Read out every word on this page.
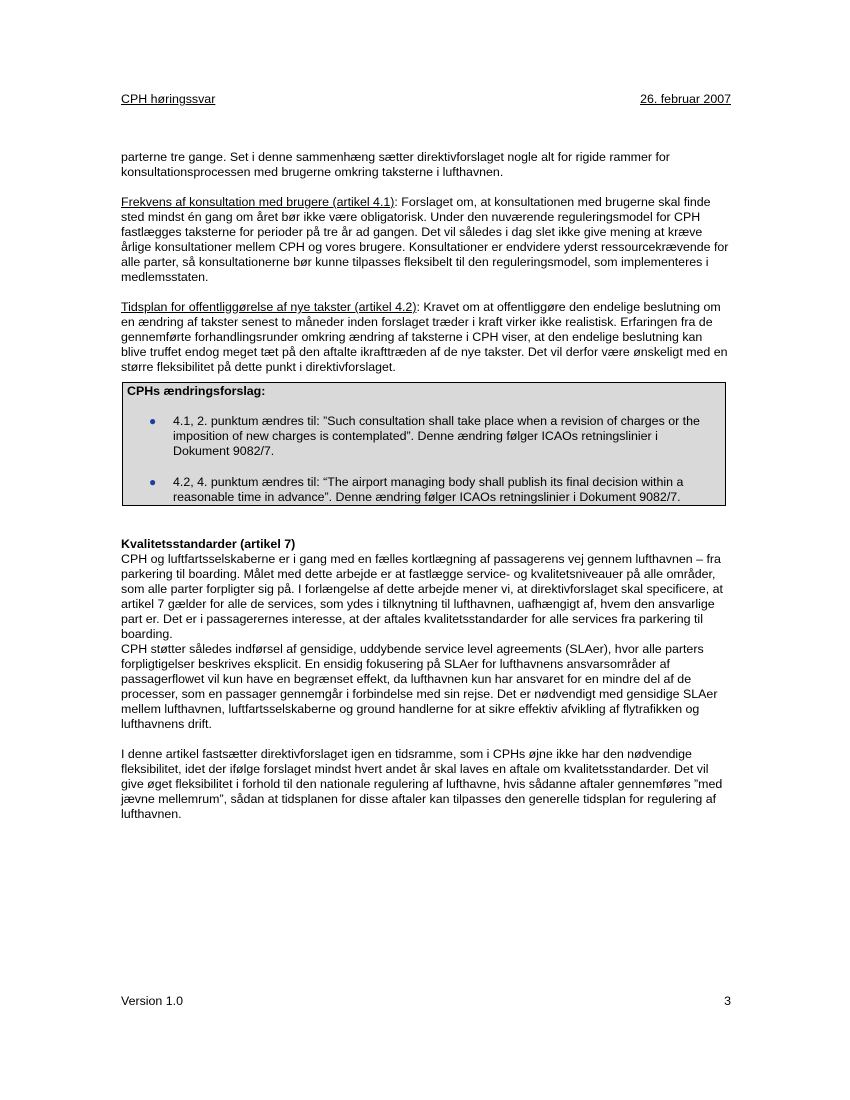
CPH høringssvar	26. februar 2007

parterne tre gange. Set i denne sammenhæng sætter direktivforslaget nogle alt for rigide rammer for konsultationsprocessen med brugerne omkring taksterne i lufthavnen.

Frekvens af konsultation med brugere (artikel 4.1): Forslaget om, at konsultationen med brugerne skal finde sted mindst én gang om året bør ikke være obligatorisk. Under den nuværende reguleringsmodel for CPH fastlægges taksterne for perioder på tre år ad gangen. Det vil således i dag slet ikke give mening at kræve årlige konsultationer mellem CPH og vores brugere. Konsultationer er endvidere yderst ressourcekrævende for alle parter, så konsultationerne bør kunne tilpasses fleksibelt til den reguleringsmodel, som implementeres i medlemsstaten.

Tidsplan for offentliggørelse af nye takster (artikel 4.2): Kravet om at offentliggøre den endelige beslutning om en ændring af takster senest to måneder inden forslaget træder i kraft virker ikke realistisk. Erfaringen fra de gennemførte forhandlingsrunder omkring ændring af taksterne i CPH viser, at den endelige beslutning kan blive truffet endog meget tæt på den aftalte ikrafttræden af de nye takster. Det vil derfor være ønskeligt med en større fleksibilitet på dette punkt i direktivforslaget.

CPHs ændringsforslag:
● 4.1, 2. punktum ændres til: ”Such consultation shall take place when a revision of charges or the imposition of new charges is contemplated”. Denne ændring følger ICAOs retningslinier i Dokument 9082/7.
● 4.2, 4. punktum ændres til: “The airport managing body shall publish its final decision within a reasonable time in advance”. Denne ændring følger ICAOs retningslinier i Dokument 9082/7.

Kvalitetsstandarder (artikel 7)

CPH og luftfartsselskaberne er i gang med en fælles kortlægning af passagerens vej gennem lufthavnen – fra parkering til boarding. Målet med dette arbejde er at fastlægge service- og kvalitetsniveauer på alle områder, som alle parter forpligter sig på. I forlængelse af dette arbejde mener vi, at direktivforslaget skal specificere, at artikel 7 gælder for alle de services, som ydes i tilknytning til lufthavnen, uafhængigt af, hvem den ansvarlige part er. Det er i passagerernes interesse, at der aftales kvalitetsstandarder for alle services fra parkering til boarding.

CPH støtter således indførsel af gensidige, uddybende service level agreements (SLAer), hvor alle parters forpligtigelser beskrives eksplicit. En ensidig fokusering på SLAer for lufthavnens ansvarsområder af passagerflowet vil kun have en begrænset effekt, da lufthavnen kun har ansvaret for en mindre del af de processer, som en passager gennemgår i forbindelse med sin rejse. Det er nødvendigt med gensidige SLAer mellem lufthavnen, luftfartsselskaberne og ground handlerne for at sikre effektiv afvikling af flytrafikken og lufthavnens drift.

I denne artikel fastsætter direktivforslaget igen en tidsramme, som i CPHs øjne ikke har den nødvendige fleksibilitet, idet der ifølge forslaget mindst hvert andet år skal laves en aftale om kvalitetsstandarder. Det vil give øget fleksibilitet i forhold til den nationale regulering af lufthavne, hvis sådanne aftaler gennemføres ”med jævne mellemrum”, sådan at tidsplanen for disse aftaler kan tilpasses den generelle tidsplan for regulering af lufthavnen.

Version 1.0	3
